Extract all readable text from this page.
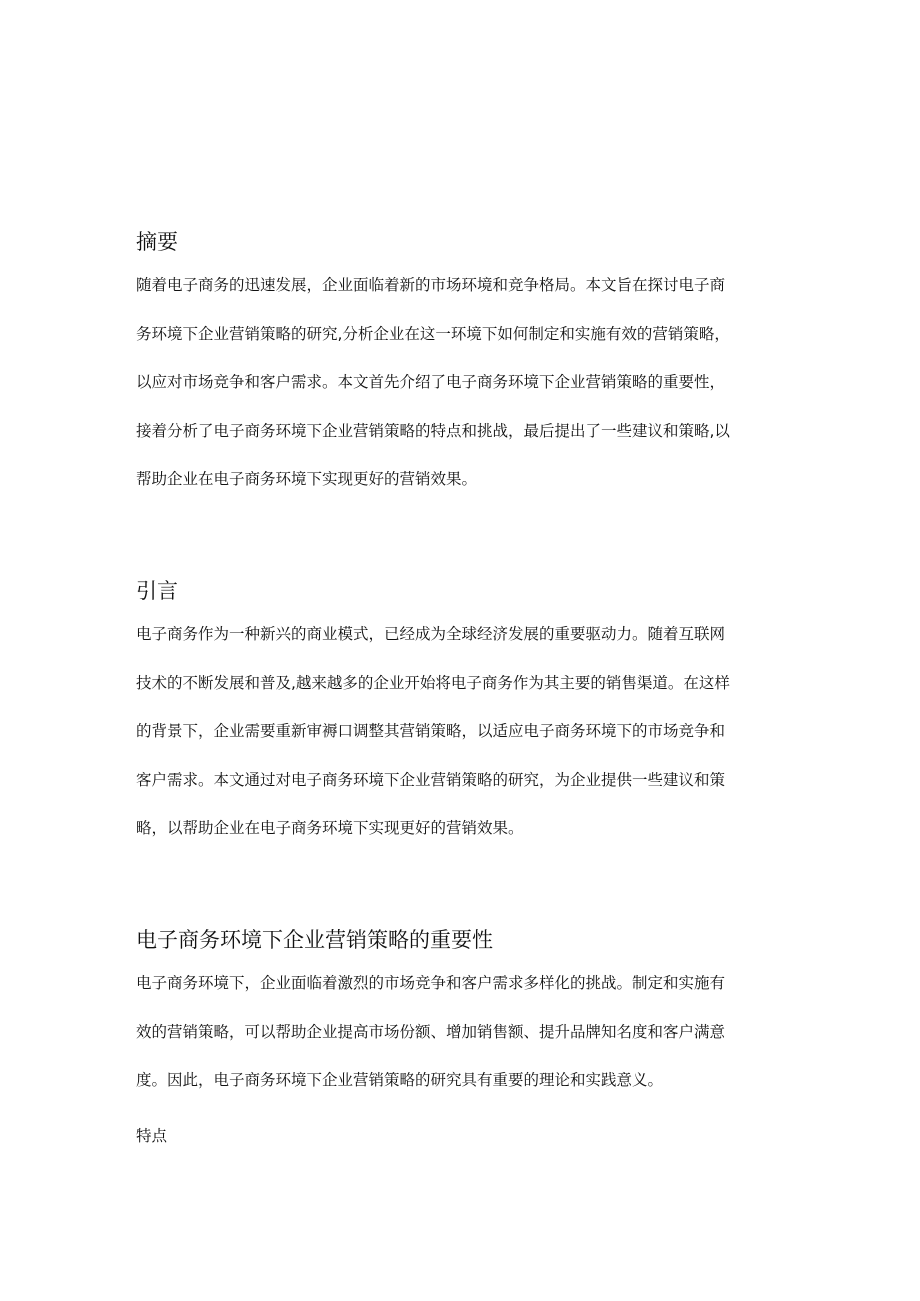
摘要

随着电子商务的迅速发展，企业面临着新的市场环境和竞争格局。本文旨在探讨电子商
务环境下企业营销策略的研究,分析企业在这一环境下如何制定和实施有效的营销策略，
以应对市场竞争和客户需求。本文首先介绍了电子商务环境下企业营销策略的重要性，
接着分析了电子商务环境下企业营销策略的特点和挑战，最后提出了一些建议和策略,以
帮助企业在电子商务环境下实现更好的营销效果。

引言

电子商务作为一种新兴的商业模式，已经成为全球经济发展的重要驱动力。随着互联网
技术的不断发展和普及,越来越多的企业开始将电子商务作为其主要的销售渠道。在这样
的背景下，企业需要重新审褥口调整其营销策略，以适应电子商务环境下的市场竞争和
客户需求。本文通过对电子商务环境下企业营销策略的研究，为企业提供一些建议和策
略，以帮助企业在电子商务环境下实现更好的营销效果。

电子商务环境下企业营销策略的重要性

电子商务环境下，企业面临着激烈的市场竞争和客户需求多样化的挑战。制定和实施有
效的营销策略，可以帮助企业提高市场份额、增加销售额、提升品牌知名度和客户满意
度。因此，电子商务环境下企业营销策略的研究具有重要的理论和实践意义。

特点
